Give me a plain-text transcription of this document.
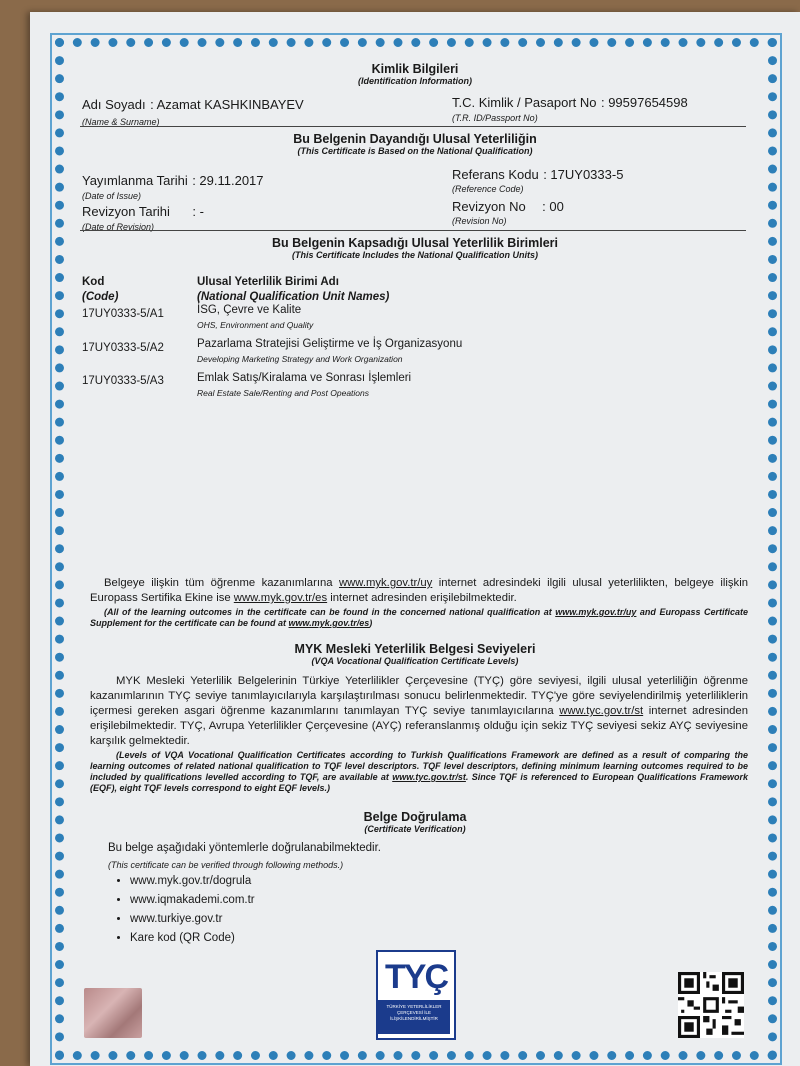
Kimlik Bilgileri
(Identification Information)
Adı Soyadı : Azamat KASHKINBAYEV
(Name & Surname)
T.C. Kimlik / Pasaport No : 99597654598
(T.R. ID/Passport No)
Bu Belgenin Dayandığı Ulusal Yeterliliğin
(This Certificate is Based on the National Qualification)
Yayımlanma Tarihi : 29.11.2017
(Date of Issue)
Revizyon Tarihi : -
(Date of Revision)
Referans Kodu : 17UY0333-5
(Reference Code)
Revizyon No : 00
(Revision No)
Bu Belgenin Kapsadığı Ulusal Yeterlilik Birimleri
(This Certificate Includes the National Qualification Units)
Kod
(Code)
Ulusal Yeterlilik Birimi Adı
(National Qualification Unit Names)
17UY0333-5/A1	İSG, Çevre ve Kalite
OHS, Environment and Quality
17UY0333-5/A2	Pazarlama Stratejisi Geliştirme ve İş Organizasyonu
Developing Marketing Strategy and Work Organization
17UY0333-5/A3	Emlak Satış/Kiralama ve Sonrası İşlemleri
Real Estate Sale/Renting and Post Opeations
Belgeye ilişkin tüm öğrenme kazanımlarına www.myk.gov.tr/uy internet adresindeki ilgili ulusal yeterlilikten, belgeye ilişkin Europass Sertifika Ekine ise www.myk.gov.tr/es internet adresinden erişilebilmektedir.
(All of the learning outcomes in the certificate can be found in the concerned national qualification at www.myk.gov.tr/uy and Europass Certificate Supplement for the certificate can be found at www.myk.gov.tr/es)
MYK Mesleki Yeterlilik Belgesi Seviyeleri
(VQA Vocational Qualification Certificate Levels)
MYK Mesleki Yeterlilik Belgelerinin Türkiye Yeterlilikler Çerçevesine (TYÇ) göre seviyesi, ilgili ulusal yeterliliğin öğrenme kazanımlarının TYÇ seviye tanımlayıcılarıyla karşılaştırılması sonucu belirlenmektedir. TYÇ'ye göre seviyelendirilmiş yeterliliklerin içermesi gereken asgari öğrenme kazanımlarını tanımlayan TYÇ seviye tanımlayıcılarına www.tyc.gov.tr/st internet adresinden erişilebilmektedir. TYÇ, Avrupa Yeterlilikler Çerçevesine (AYÇ) referanslanmış olduğu için sekiz TYÇ seviyesi sekiz AYÇ seviyesine karşılık gelmektedir.
(Levels of VQA Vocational Qualification Certificates according to Turkish Qualifications Framework are defined as a result of comparing the learning outcomes of related national qualification to TQF level descriptors. TQF level descriptors, defining minimum learning outcomes required to be included by qualifications levelled according to TQF, are available at www.tyc.gov.tr/st. Since TQF is referenced to European Qualifications Framework (EQF), eight TQF levels correspond to eight EQF levels.)
Belge Doğrulama
(Certificate Verification)
Bu belge aşağıdaki yöntemlerle doğrulanabilmektedir.
(This certificate can be verified through following methods.)
• www.myk.gov.tr/dogrula
• www.iqmakademi.com.tr
• www.turkiye.gov.tr
• Kare kod (QR Code)
TYÇ
TÜRKİYE YETERLİLİKLER ÇERÇEVESİ İLE İLİŞKİLENDİRİLMİŞTİR
